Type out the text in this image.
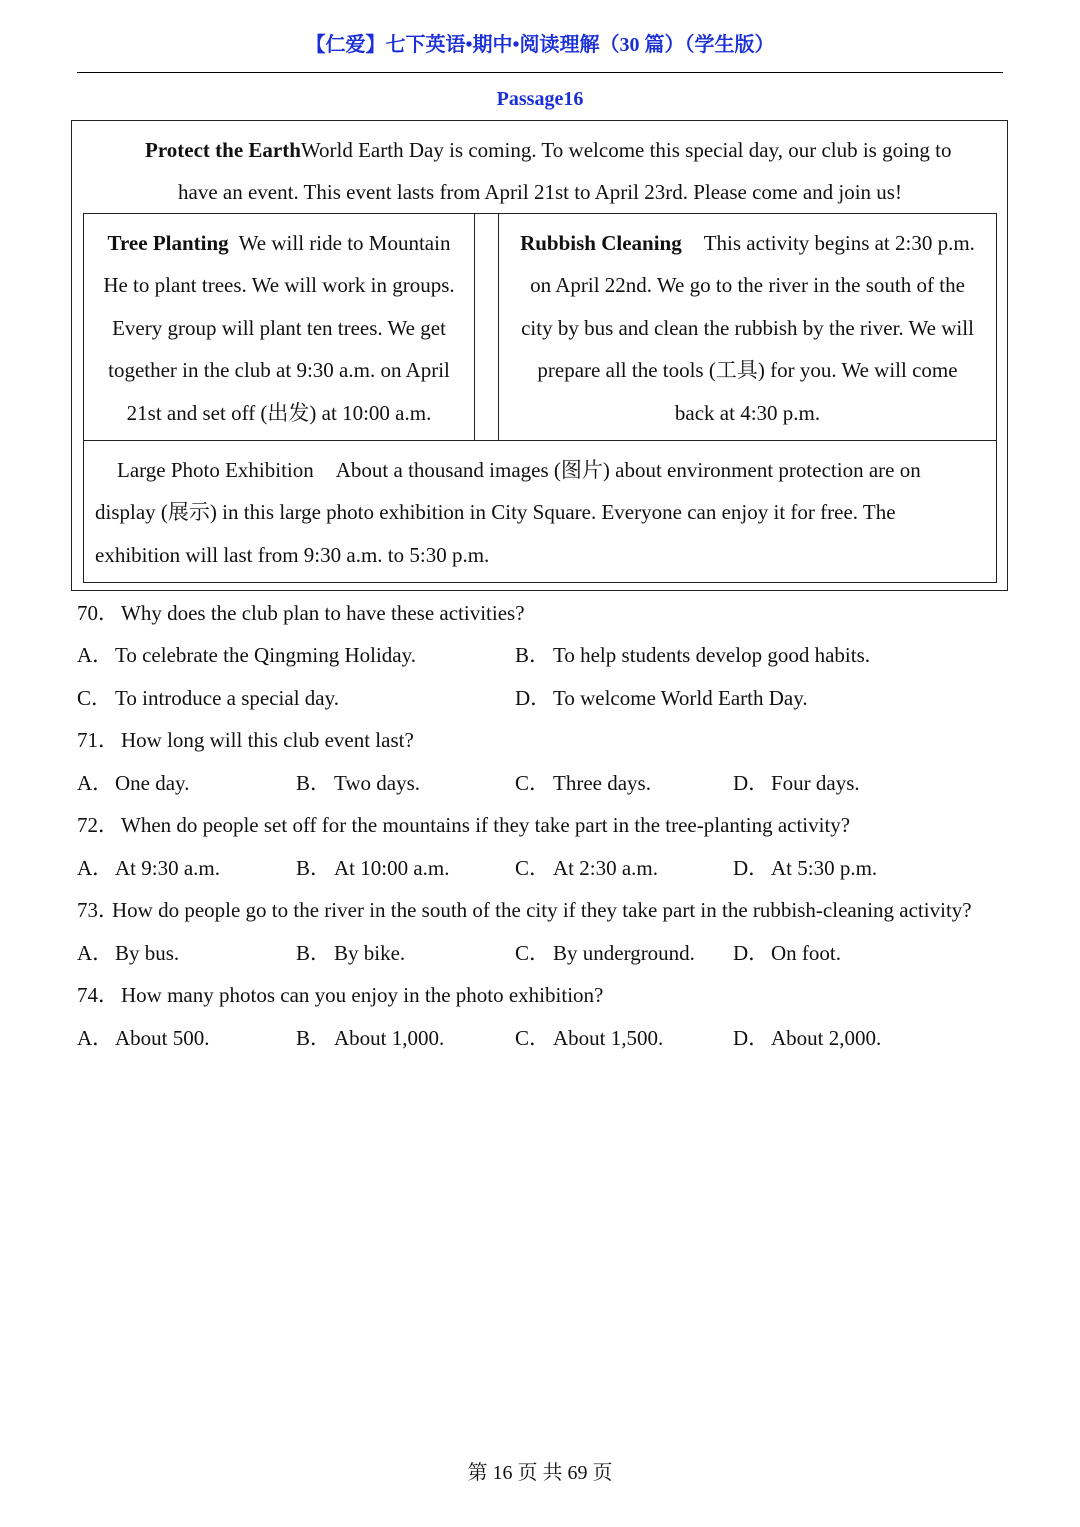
【仁爱】七下英语•期中•阅读理解（30 篇）（学生版）
Passage16
Protect the EarthWorld Earth Day is coming. To welcome this special day, our club is going to
have an event. This event lasts from April 21st to April 23rd. Please come and join us!
Tree Planting We will ride to Mountain
He to plant trees. We will work in groups.
Every group will plant ten trees. We get
together in the club at 9:30 a.m. on April
21st and set off (出发) at 10:00 a.m.
Rubbish Cleaning This activity begins at 2:30 p.m.
on April 22nd. We go to the river in the south of the
city by bus and clean the rubbish by the river. We will
prepare all the tools (工具) for you. We will come
back at 4:30 p.m.
Large Photo Exhibition About a thousand images (图片) about environment protection are on
display (展示) in this large photo exhibition in City Square. Everyone can enjoy it for free. The
exhibition will last from 9:30 a.m. to 5:30 p.m.
70．Why does the club plan to have these activities?
A．To celebrate the Qingming Holiday.	B． To help students develop good habits.
C． To introduce a special day.	D．To welcome World Earth Day.
71．How long will this club event last?
A．One day.	B． Two days.	C． Three days.	D．Four days.
72．When do people set off for the mountains if they take part in the tree-planting activity?
A．At 9:30 a.m.	B． At 10:00 a.m.	C． At 2:30 a.m.	D．At 5:30 p.m.
73．How do people go to the river in the south of the city if they take part in the rubbish-cleaning activity?
A．By bus.	B． By bike.	C． By underground. D．On foot.
74．How many photos can you enjoy in the photo exhibition?
A．About 500.	B． About 1,000.	C． About 1,500.	D．About 2,000.
第 16 页 共 69 页
